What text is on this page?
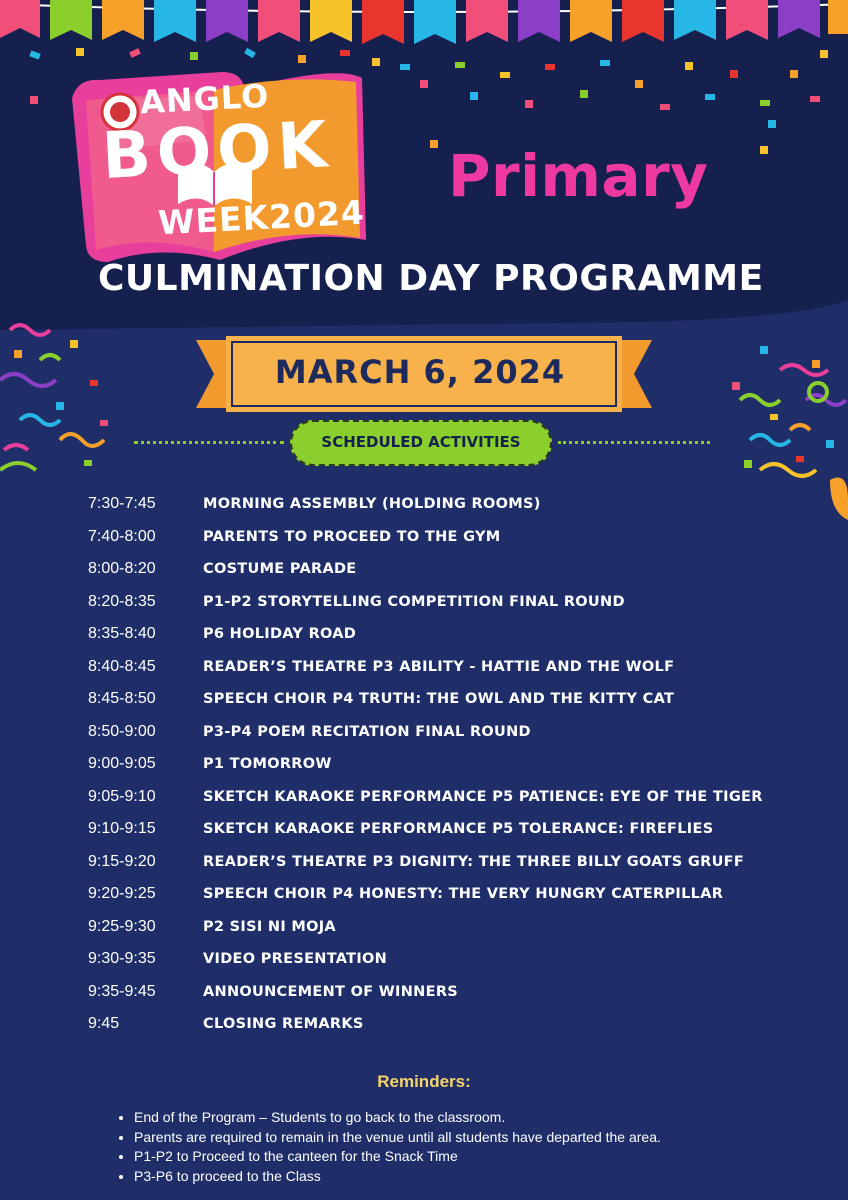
ANGLO
BOOK
WEEK2024
Primary
CULMINATION DAY PROGRAMME
MARCH 6, 2024
SCHEDULED ACTIVITIES
7:30-7:45	MORNING ASSEMBLY (HOLDING ROOMS)
7:40-8:00	PARENTS TO PROCEED TO THE GYM
8:00-8:20	COSTUME PARADE
8:20-8:35	P1-P2 STORYTELLING COMPETITION FINAL ROUND
8:35-8:40	P6 HOLIDAY ROAD
8:40-8:45	READER’S THEATRE P3 ABILITY - HATTIE AND THE WOLF
8:45-8:50	SPEECH CHOIR P4 TRUTH: THE OWL AND THE KITTY CAT
8:50-9:00	P3-P4 POEM RECITATION FINAL ROUND
9:00-9:05	P1 TOMORROW
9:05-9:10	SKETCH KARAOKE PERFORMANCE P5 PATIENCE: EYE OF THE TIGER
9:10-9:15	SKETCH KARAOKE PERFORMANCE P5 TOLERANCE: FIREFLIES
9:15-9:20	READER’S THEATRE P3 DIGNITY: THE THREE BILLY GOATS GRUFF
9:20-9:25	SPEECH CHOIR P4 HONESTY: THE VERY HUNGRY CATERPILLAR
9:25-9:30	P2 SISI NI MOJA
9:30-9:35	VIDEO PRESENTATION
9:35-9:45	ANNOUNCEMENT OF WINNERS
9:45	CLOSING REMARKS
Reminders:
• End of the Program – Students to go back to the classroom.
• Parents are required to remain in the venue until all students have departed the area.
• P1-P2 to Proceed to the canteen for the Snack Time
• P3-P6 to proceed to the Class
